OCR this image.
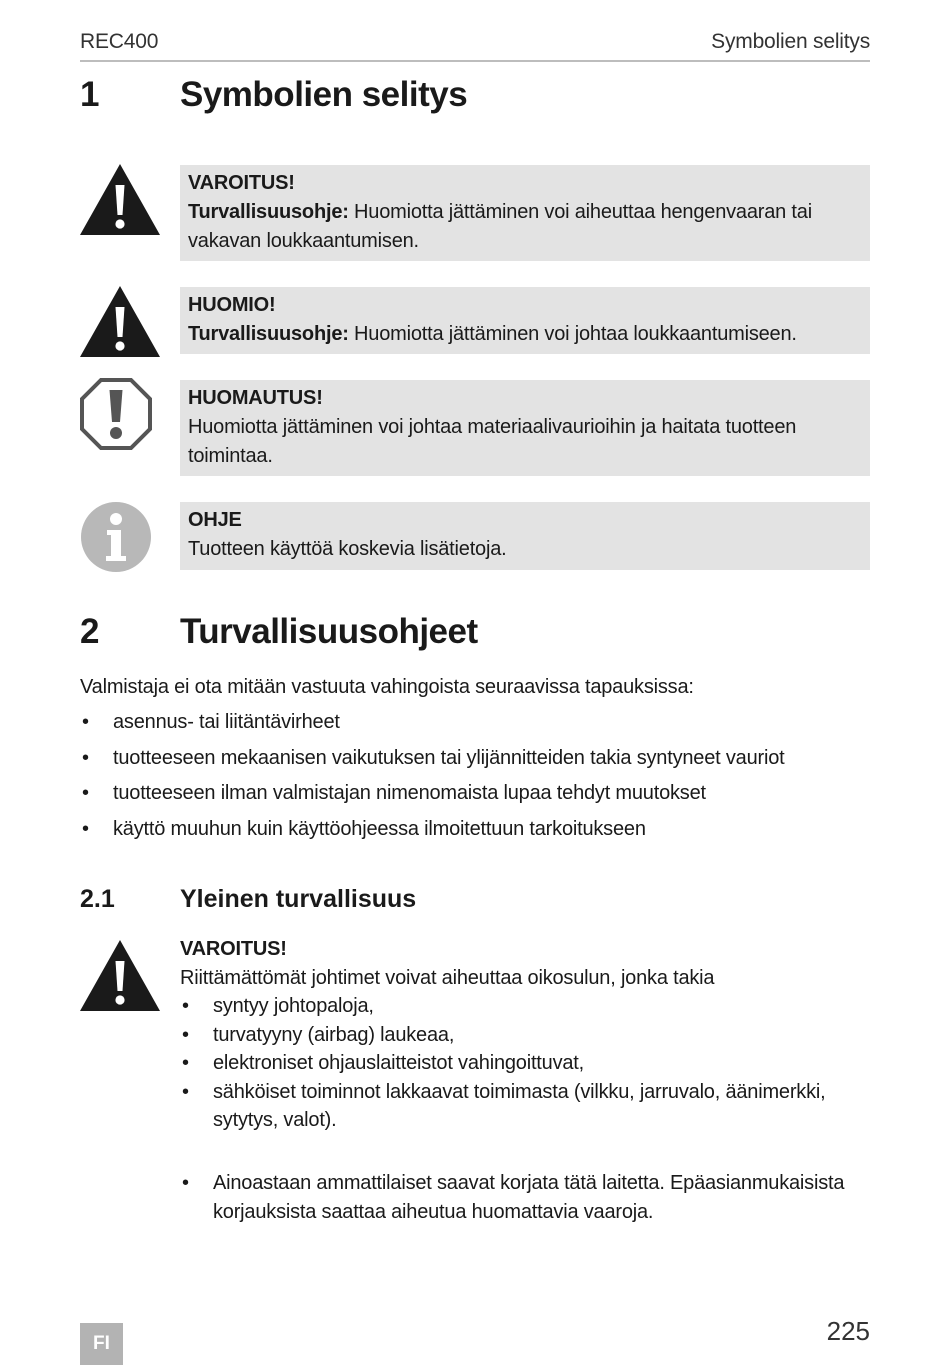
REC400	Symbolien selitys
1 Symbolien selitys
VAROITUS!
Turvallisuusohje: Huomiotta jättäminen voi aiheuttaa hengenvaaran tai vakavan loukkaantumisen.
HUOMIO!
Turvallisuusohje: Huomiotta jättäminen voi johtaa loukkaantumiseen.
HUOMAUTUS!
Huomiotta jättäminen voi johtaa materiaalivaurioihin ja haitata tuotteen toimintaa.
OHJE
Tuotteen käyttöä koskevia lisätietoja.
2 Turvallisuusohjeet
Valmistaja ei ota mitään vastuuta vahingoista seuraavissa tapauksissa:
• asennus- tai liitäntävirheet
• tuotteeseen mekaanisen vaikutuksen tai ylijännitteiden takia syntyneet vauriot
• tuotteeseen ilman valmistajan nimenomaista lupaa tehdyt muutokset
• käyttö muuhun kuin käyttöohjeessa ilmoitettuun tarkoitukseen
2.1	Yleinen turvallisuus
VAROITUS!
Riittämättömät johtimet voivat aiheuttaa oikosulun, jonka takia
• syntyy johtopaloja,
• turvatyyny (airbag) laukeaa,
• elektroniset ohjauslaitteistot vahingoittuvat,
• sähköiset toiminnot lakkaavat toimimasta (vilkku, jarruvalo, äänimerkki, sytytys, valot).
• Ainoastaan ammattilaiset saavat korjata tätä laitetta. Epäasianmukaisista korjauksista saattaa aiheutua huomattavia vaaroja.
FI	225
